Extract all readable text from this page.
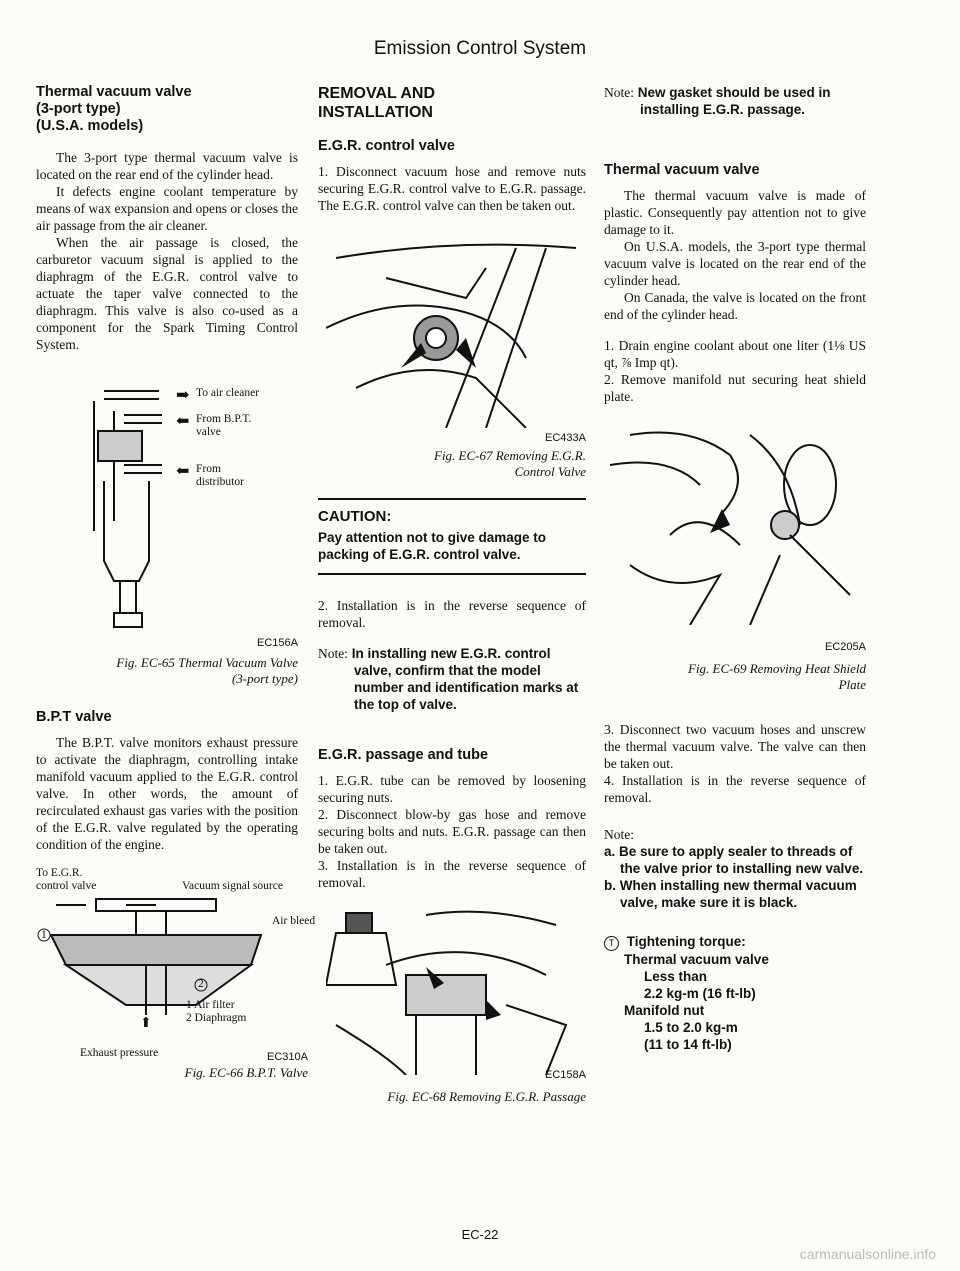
Emission Control System
Thermal vacuum valve
(3-port type)
(U.S.A. models)

The 3-port type thermal vacuum valve is located on the rear end of the cylinder head.

It defects engine coolant temperature by means of wax expansion and opens or closes the air passage from the air cleaner.

When the air passage is closed, the carburetor vacuum signal is applied to the diaphragm of the E.G.R. control valve to actuate the taper valve connected to the diaphragm. This valve is also co-used as a component for the Spark Timing Control System.

➡ To air cleaner
⬅ From B.P.T.
valve
⬅ From
distributor
EC156A
Fig. EC-65 Thermal Vacuum Valve
(3-port type)
B.P.T valve

The B.P.T. valve monitors exhaust pressure to activate the diaphragm, controlling intake manifold vacuum applied to the E.G.R. control valve. In other words, the amount of recirculated exhaust gas varies with the position of the E.G.R. valve regulated by the operating condition of the engine.

To E.G.R.
control valve	Vacuum signal source
1
2
Air bleed
1 Air filter
2 Diaphragm
⬆
Exhaust pressure	EC310A
Fig. EC-66 B.P.T. Valve
REMOVAL AND
INSTALLATION
E.G.R. control valve

1. Disconnect vacuum hose and remove nuts securing E.G.R. control valve to E.G.R. passage. The E.G.R. control valve can then be taken out.

EC433A
Fig. EC-67 Removing E.G.R.
Control Valve
CAUTION:
Pay attention not to give damage to packing of E.G.R. control valve.

2. Installation is in the reverse sequence of removal.

Note: In installing new E.G.R. control valve, confirm that the model number and identification marks at the top of valve.
E.G.R. passage and tube

1. E.G.R. tube can be removed by loosening securing nuts.

2. Disconnect blow-by gas hose and remove securing bolts and nuts. E.G.R. passage can then be taken out.

3. Installation is in the reverse sequence of removal.

EC158A
Fig. EC-68 Removing E.G.R. Passage
Note: New gasket should be used in installing E.G.R. passage.
Thermal vacuum valve

The thermal vacuum valve is made of plastic. Consequently pay attention not to give damage to it.

On U.S.A. models, the 3-port type thermal vacuum valve is located on the rear end of the cylinder head.

On Canada, the valve is located on the front end of the cylinder head.

1. Drain engine coolant about one liter (1⅛ US qt, ⅞ Imp qt).

2. Remove manifold nut securing heat shield plate.

EC205A
Fig. EC-69 Removing Heat Shield
Plate

3. Disconnect two vacuum hoses and unscrew the thermal vacuum valve. The valve can then be taken out.

4. Installation is in the reverse sequence of removal.

Note:
a. Be sure to apply sealer to threads of the valve prior to installing new valve.
b. When installing new thermal vacuum valve, make sure it is black.
T Tightening torque:
Thermal vacuum valve
Less than
2.2 kg-m (16 ft-lb)
Manifold nut
1.5 to 2.0 kg-m
(11 to 14 ft-lb)
EC-22
carmanualsonline.info
